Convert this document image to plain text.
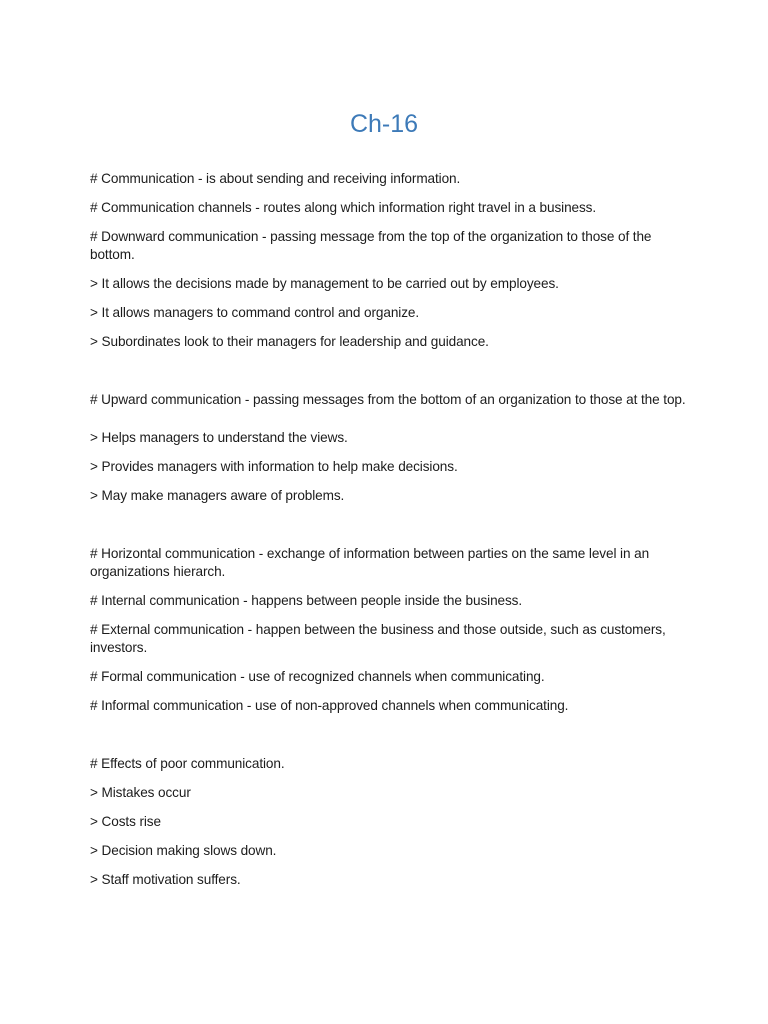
Ch-16

# Communication - is about sending and receiving information.

# Communication channels - routes along which information right travel in a business.

# Downward communication - passing message from the top of the organization to those of the bottom.

> It allows the decisions made by management to be carried out by employees.

> It allows managers to command control and organize.

> Subordinates look to their managers for leadership and guidance.

# Upward communication - passing messages from the bottom of an organization to those at the top.

> Helps managers to understand the views.

> Provides managers with information to help make decisions.

> May make managers aware of problems.

# Horizontal communication - exchange of information between parties on the same level in an organizations hierarch.

# Internal communication - happens between people inside the business.

# External communication - happen between the business and those outside, such as customers, investors.

# Formal communication - use of recognized channels when communicating.

# Informal communication - use of non-approved channels when communicating.

# Effects of poor communication.

> Mistakes occur

> Costs rise

> Decision making slows down.

> Staff motivation suffers.
